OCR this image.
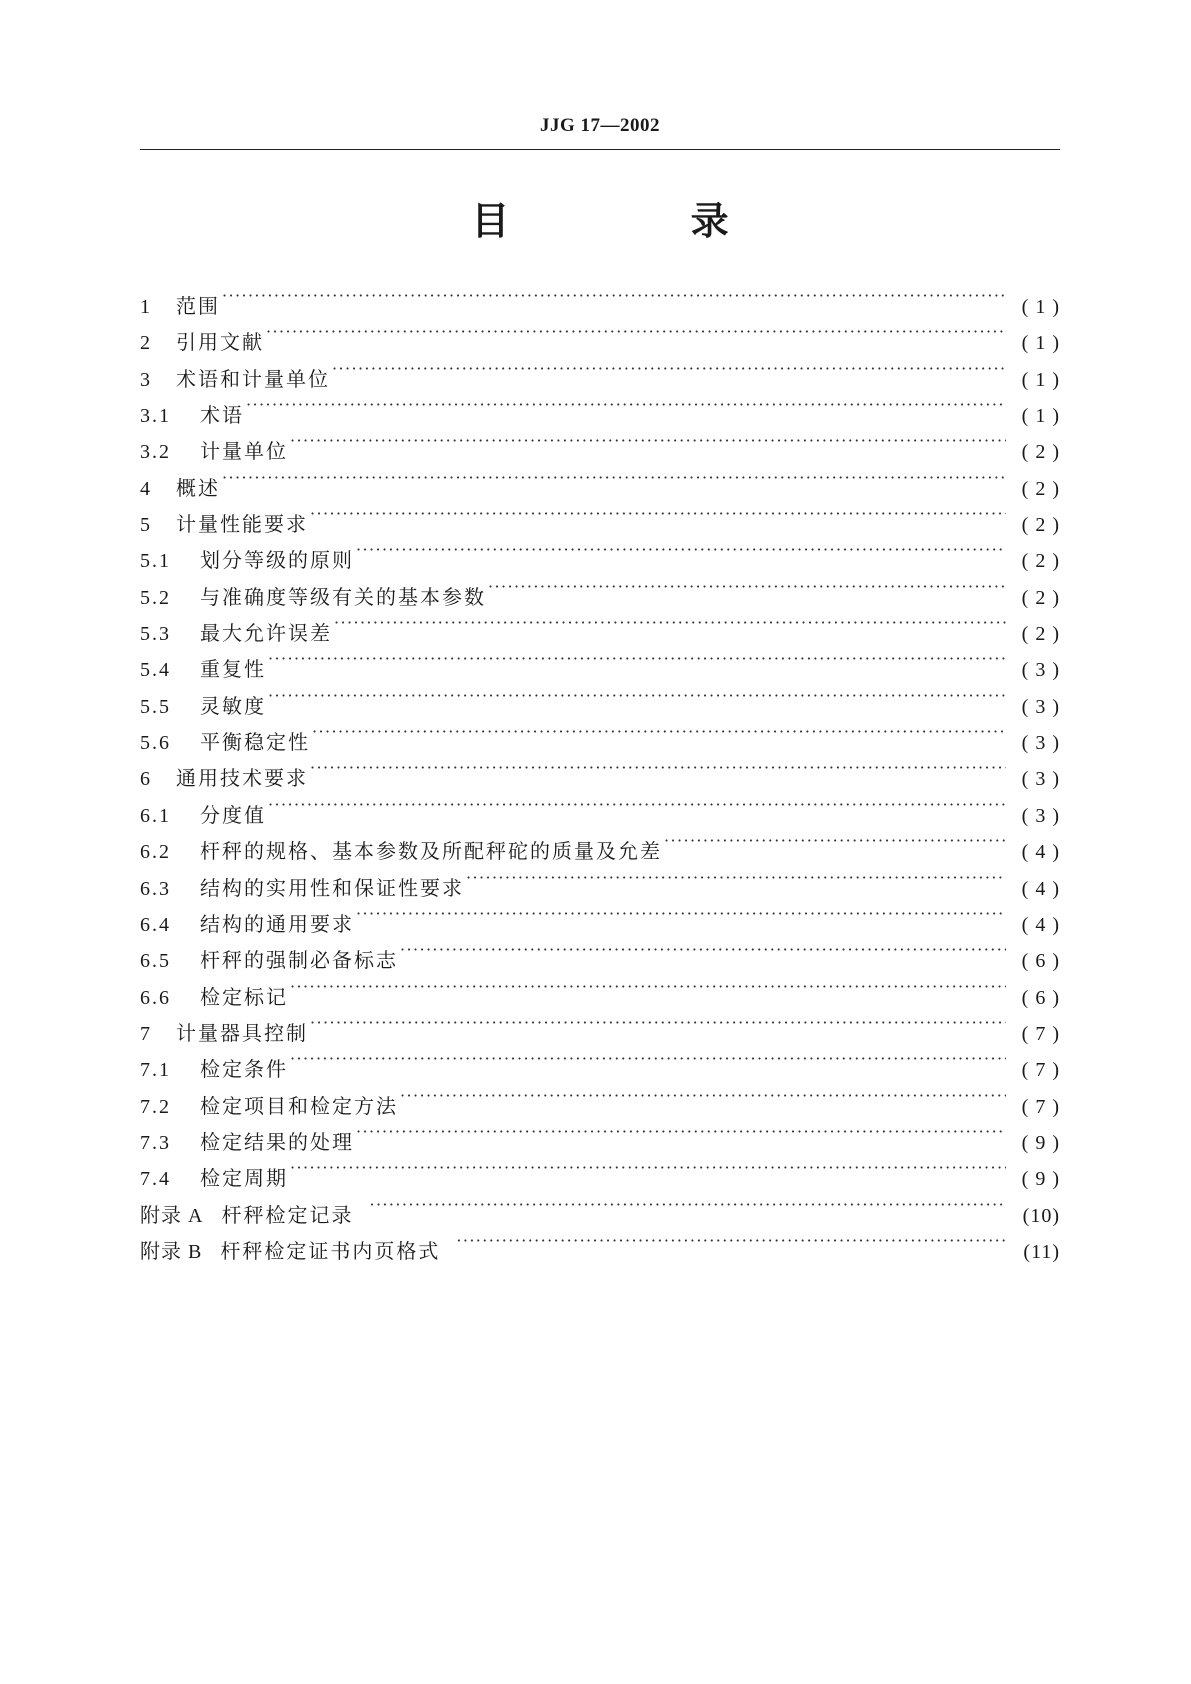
JJG 17—2002
目 录
1	范围 ·····	( 1 )
2	引用文献 ·····	( 1 )
3	术语和计量单位 ·····	( 1 )
3.1	术语 ·····	( 1 )
3.2	计量单位 ·····	( 2 )
4	概述 ·····	( 2 )
5	计量性能要求 ·····	( 2 )
5.1	划分等级的原则 ·····	( 2 )
5.2	与准确度等级有关的基本参数 ·····	( 2 )
5.3	最大允许误差 ·····	( 2 )
5.4	重复性 ·····	( 3 )
5.5	灵敏度 ·····	( 3 )
5.6	平衡稳定性 ·····	( 3 )
6	通用技术要求 ·····	( 3 )
6.1	分度值 ·····	( 3 )
6.2	杆秤的规格、基本参数及所配秤砣的质量及允差 ·····	( 4 )
6.3	结构的实用性和保证性要求 ·····	( 4 )
6.4	结构的通用要求 ·····	( 4 )
6.5	杆秤的强制必备标志 ·····	( 6 )
6.6	检定标记 ·····	( 6 )
7	计量器具控制 ·····	( 7 )
7.1	检定条件 ·····	( 7 )
7.2	检定项目和检定方法 ·····	( 7 )
7.3	检定结果的处理 ·····	( 9 )
7.4	检定周期 ·····	( 9 )
附录 A 杆秤检定记录 ·····	(10)
附录 B 杆秤检定证书内页格式 ·····	(11)
